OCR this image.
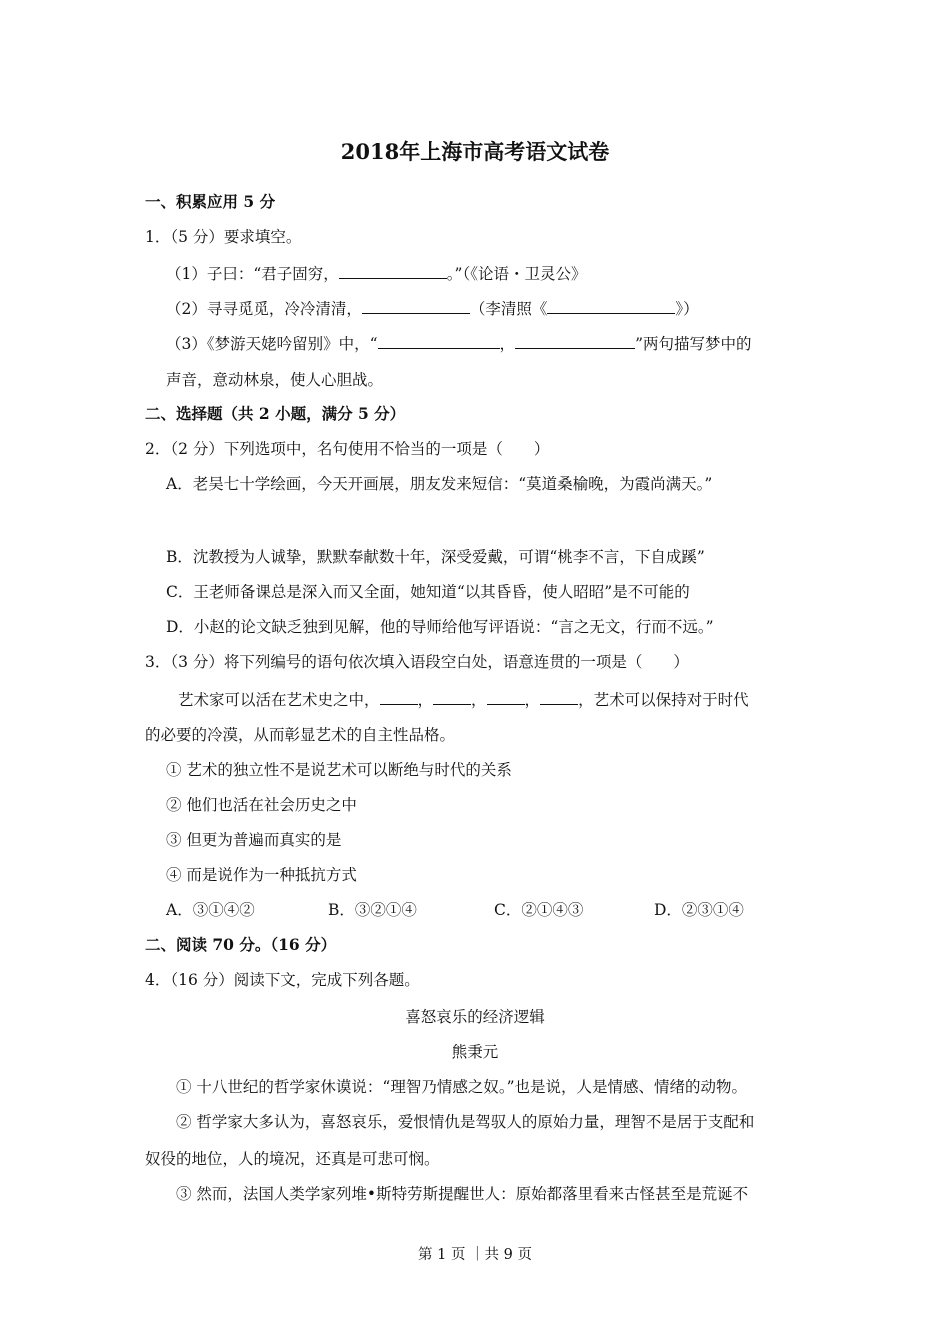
2018年上海市高考语文试卷
一、积累应用 5 分
1．（5 分）要求填空。
（1）子曰：“君子固穷，	。”（《论语・卫灵公》
（2）寻寻觅觅，冷冷清清，	（李清照《	》）
（3）《梦游天姥吟留别》中，“	，	”两句描写梦中的
声音，意动林泉，使人心胆战。
二、选择题（共 2 小题，满分 5 分）
2．（2 分）下列选项中，名句使用不恰当的一项是（　　）
A．老吴七十学绘画，今天开画展，朋友发来短信：“莫道桑榆晚，为霞尚满天。”
B．沈教授为人诚挚，默默奉献数十年，深受爱戴，可谓“桃李不言，下自成蹊”
C．王老师备课总是深入而又全面，她知道“以其昏昏，使人昭昭”是不可能的
D．小赵的论文缺乏独到见解，他的导师给他写评语说：“言之无文，行而不远。”
3．（3 分）将下列编号的语句依次填入语段空白处，语意连贯的一项是（　　）
艺术家可以活在艺术史之中， ， ， ， ，艺术可以保持对于时代
的必要的冷漠，从而彰显艺术的自主性品格。
① 艺术的独立性不是说艺术可以断绝与时代的关系
② 他们也活在社会历史之中
③ 但更为普遍而真实的是
④ 而是说作为一种抵抗方式
A．③①④②	B．③②①④	C．②①④③	D．②③①④
二、阅读 70 分。（16 分）
4．（16 分）阅读下文，完成下列各题。
喜怒哀乐的经济逻辑
熊秉元
① 十八世纪的哲学家休谟说：“理智乃情感之奴。”也是说，人是情感、情绪的动物。
② 哲学家大多认为，喜怒哀乐，爱恨情仇是驾驭人的原始力量，理智不是居于支配和
奴役的地位，人的境况，还真是可悲可悯。
③ 然而，法国人类学家列堆•斯特劳斯提醒世人：原始都落里看来古怪甚至是荒诞不
第 1 页 ｜共 9 页
